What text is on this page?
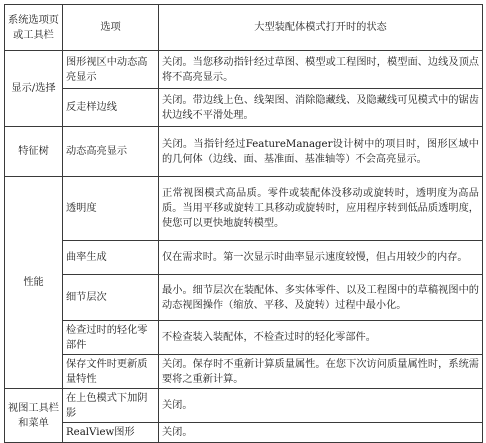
系统选项页或工具栏	选项	大型装配体模式打开时的状态
显示/选择	图形视区中动态高亮显示	关闭。当您移动指针经过草图、模型或工程图时，模型面、边线及顶点将不高亮显示。
	反走样边线	关闭。带边线上色、线架图、消除隐藏线、及隐藏线可见模式中的锯齿状边线不平滑处理。
特征树	动态高亮显示	关闭。当指针经过FeatureManager设计树中的项目时，图形区域中的几何体（边线、面、基准面、基准轴等）不会高亮显示。
性能	透明度	正常视图模式高品质。零件或装配体没移动或旋转时，透明度为高品质。当用平移或旋转工具移动或旋转时，应用程序转到低品质透明度，使您可以更快地旋转模型。
	曲率生成	仅在需求时。第一次显示时曲率显示速度较慢，但占用较少的内存。
	细节层次	最小。细节层次在装配体、多实体零件、以及工程图中的草稿视图中的动态视图操作（缩放、平移、及旋转）过程中最小化。
	检查过时的轻化零部件	不检查装入装配体，不检查过时的轻化零部件。
	保存文件时更新质量特性	关闭。保存时不重新计算质量属性。在您下次访问质量属性时，系统需要将之重新计算。
视图工具栏和菜单	在上色模式下加阴影	关闭。
	RealView图形	关闭。
